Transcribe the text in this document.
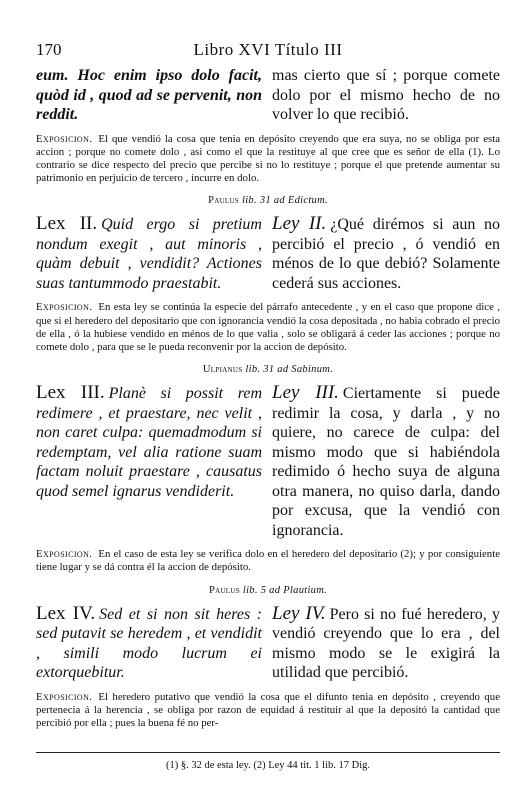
170	Libro XVI Título III
eum. Hoc enim ipso dolo facit, quòd id , quod ad se pervenit, non reddit.
mas cierto que sí ; porque comete dolo por el mismo hecho de no volver lo que recibió.
Exposicion. El que vendió la cosa que tenia en depósito creyendo que era suya, no se obliga por esta accion ; porque no comete dolo , asi como el que la restituye al que cree que es señor de ella (1). Lo contrario se dice respecto del precio que percibe si no lo restituye ; porque el que pretende aumentar su patrimonio en perjuicio de tercero , incurre en dolo.
Paulus lib. 31 ad Edictum.
Lex II. Quid ergo si pretium nondum exegit , aut minoris , quàm debuit , vendidit? Actiones suas tantummodo praestabit.
Ley II. ¿Qué dirémos si aun no percibió el precio , ó vendió en ménos de lo que debió? Solamente cederá sus acciones.
Exposicion. En esta ley se continúa la especie del párrafo antecedente , y en el caso que propone dice , que si el heredero del depositario que con ignorancia vendió la cosa depositada , no habia cobrado el precio de ella , ó la hubiese vendido en ménos de lo que valia , solo se obligará á ceder las acciones ; porque no comete dolo , para que se le pueda reconvenir por la accion de depósito.
Ulpianus lib. 31 ad Sabinum.
Lex III. Planè si possit rem redimere , et praestare, nec velit , non caret culpa: quemadmodum si redemptam, vel alia ratione suam factam noluit praestare , causatus quod semel ignarus vendiderit.
Ley III. Ciertamente si puede redimir la cosa, y darla , y no quiere, no carece de culpa: del mismo modo que si habiéndola redimido ó hecho suya de alguna otra manera, no quiso darla, dando por excusa, que la vendió con ignorancia.
Exposicion. En el caso de esta ley se verifica dolo en el heredero del depositario (2); y por consiguiente tiene lugar y se dá contra él la accion de depósito.
Paulus lib. 5 ad Plautium.
Lex IV. Sed et si non sit heres : sed putavit se heredem , et vendidit , simili modo lucrum ei extorquebitur.
Ley IV. Pero si no fué heredero, y vendió creyendo que lo era , del mismo modo se le exigirá la utilidad que percibió.
Exposicion. El heredero putativo que vendió la cosa que el difunto tenia en depósito , creyendo que pertenecia á la herencia , se obliga por razon de equidad á restituir al que la depositó la cantidad que percibió por ella ; pues la buena fé no per-
(1) §. 32 de esta ley. (2) Ley 44 tit. 1 lib. 17 Dig.
